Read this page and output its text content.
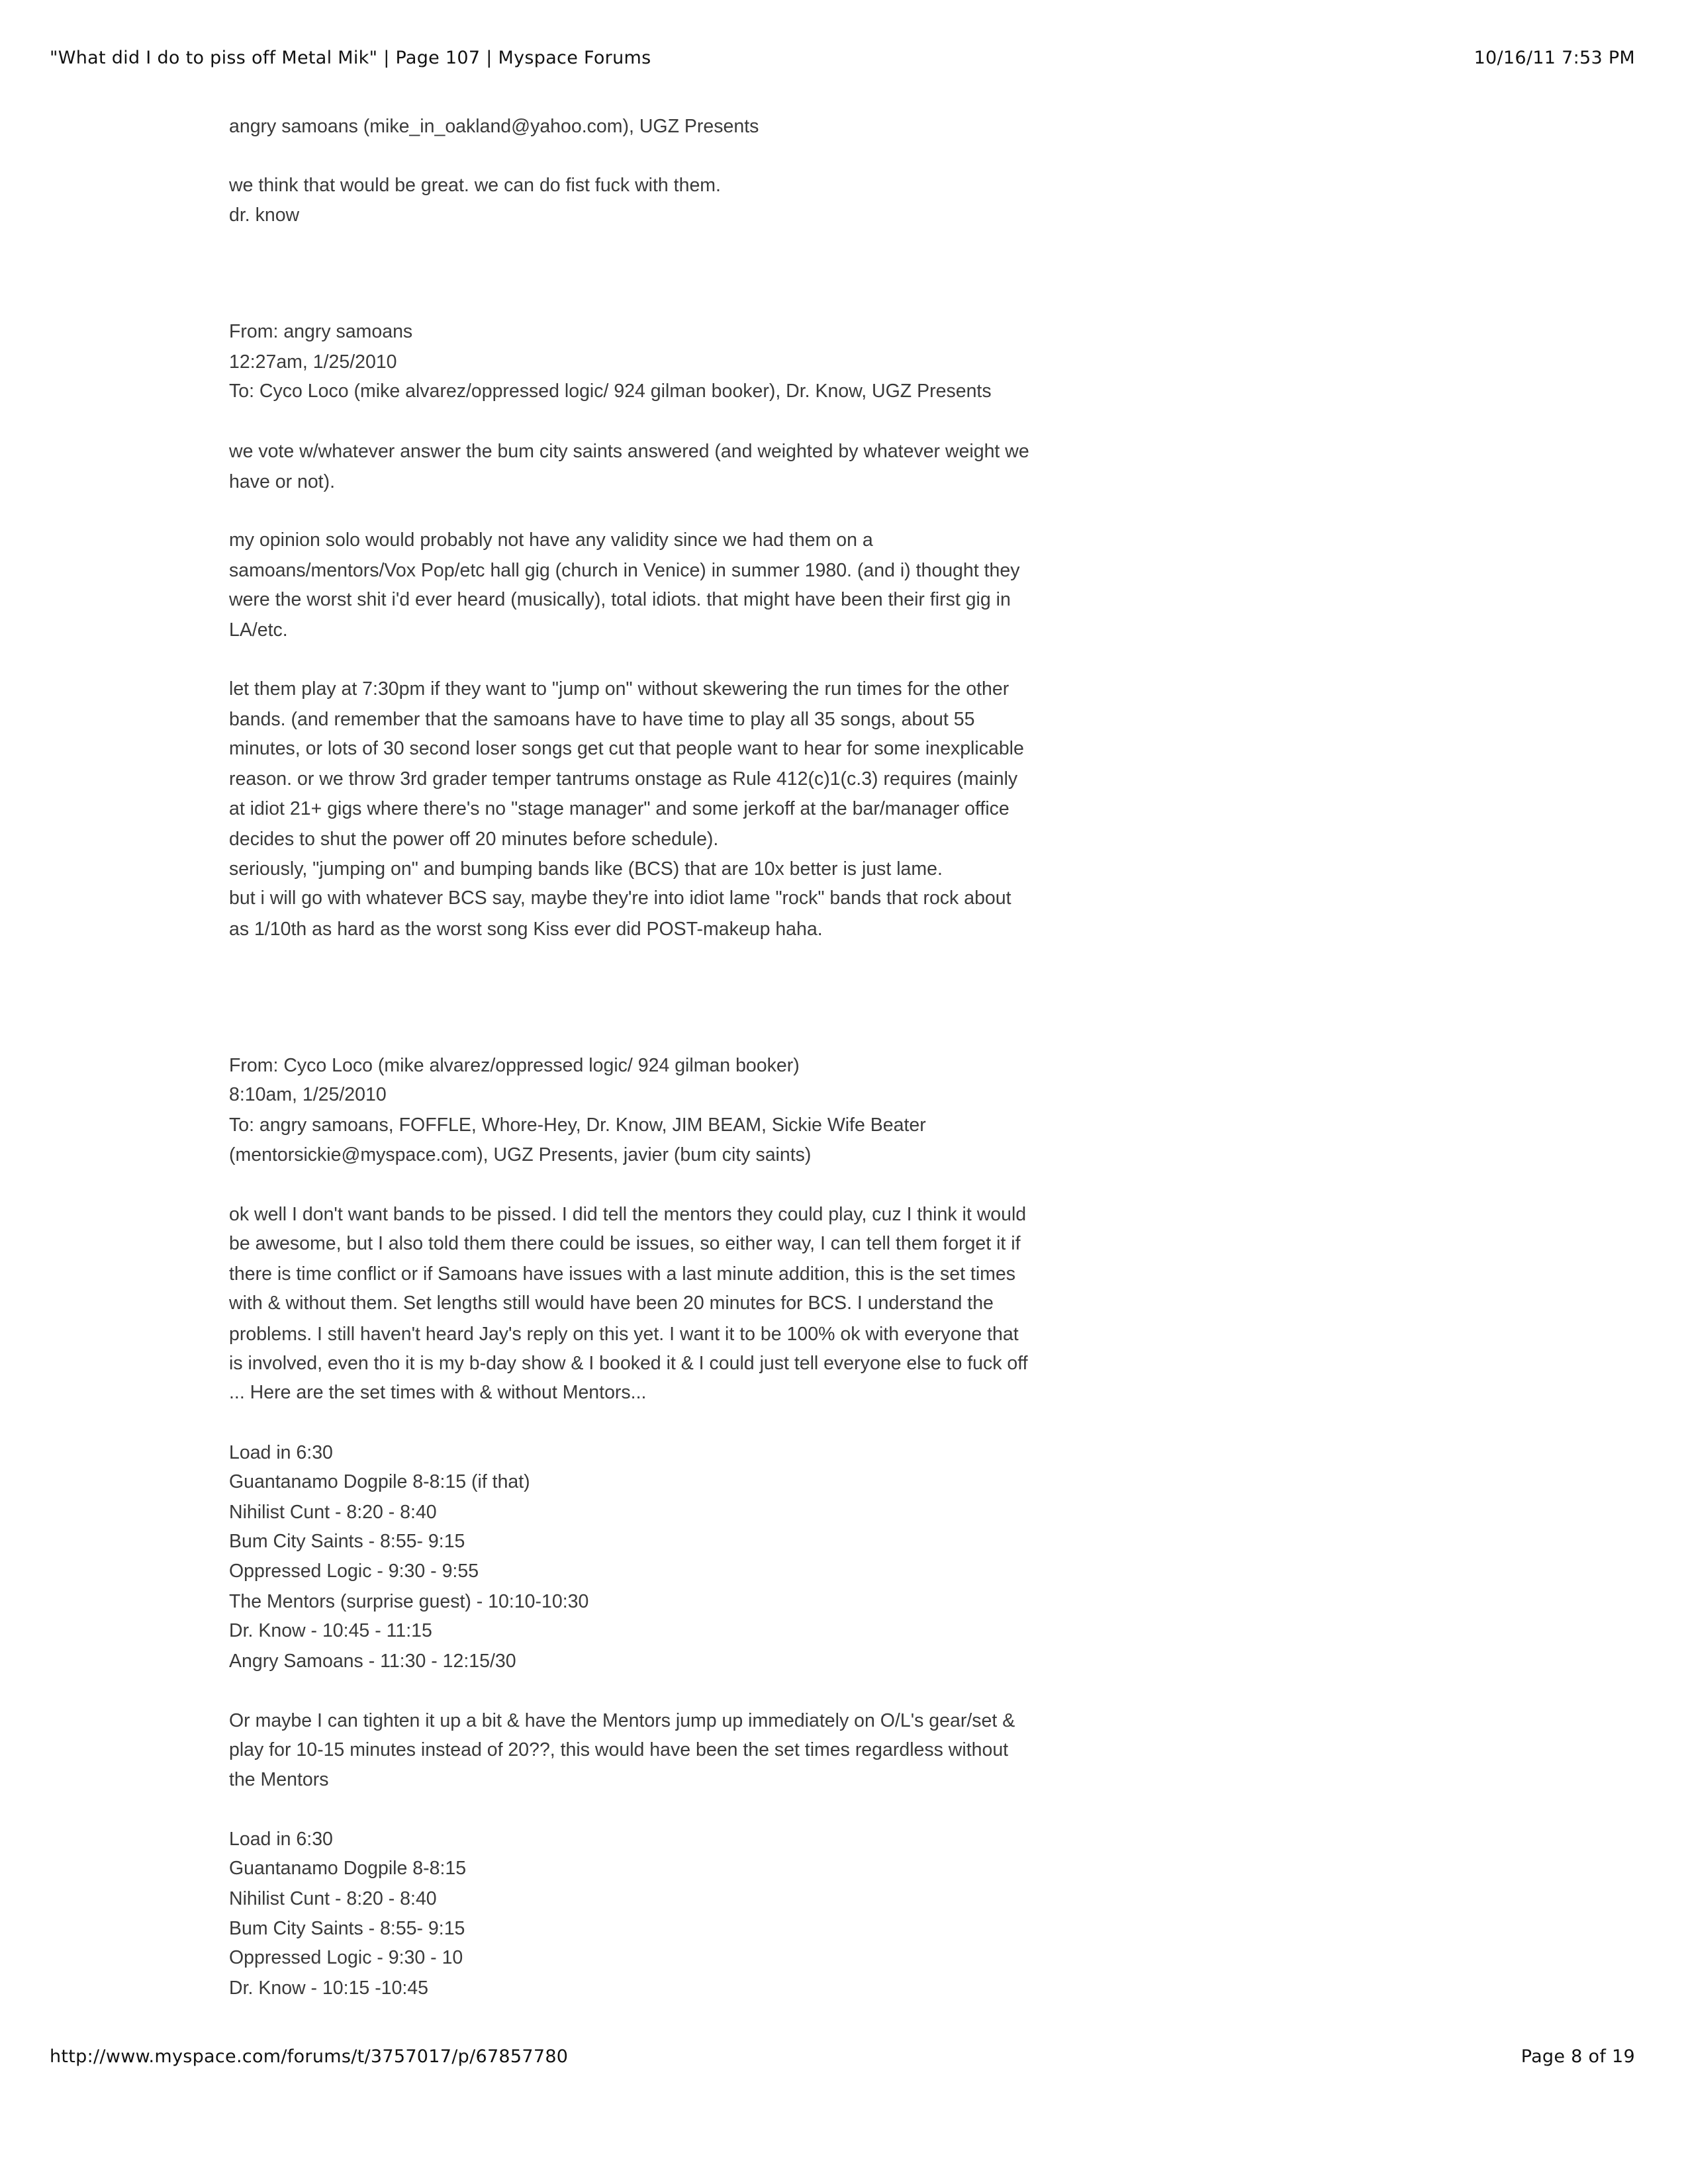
"What did I do to piss off Metal Mik" | Page 107 | Myspace Forums	10/16/11 7:53 PM
angry samoans (mike_in_oakland@yahoo.com), UGZ Presents
we think that would be great. we can do fist fuck with them.
dr. know
From: angry samoans
12:27am, 1/25/2010
To: Cyco Loco (mike alvarez/oppressed logic/ 924 gilman booker), Dr. Know, UGZ Presents
we vote w/whatever answer the bum city saints answered (and weighted by whatever weight we
have or not).
my opinion solo would probably not have any validity since we had them on a
samoans/mentors/Vox Pop/etc hall gig (church in Venice) in summer 1980. (and i) thought they
were the worst shit i'd ever heard (musically), total idiots. that might have been their first gig in
LA/etc.
let them play at 7:30pm if they want to "jump on" without skewering the run times for the other
bands. (and remember that the samoans have to have time to play all 35 songs, about 55
minutes, or lots of 30 second loser songs get cut that people want to hear for some inexplicable
reason. or we throw 3rd grader temper tantrums onstage as Rule 412(c)1(c.3) requires (mainly
at idiot 21+ gigs where there's no "stage manager" and some jerkoff at the bar/manager office
decides to shut the power off 20 minutes before schedule).
seriously, "jumping on" and bumping bands like (BCS) that are 10x better is just lame.
but i will go with whatever BCS say, maybe they're into idiot lame "rock" bands that rock about
as 1/10th as hard as the worst song Kiss ever did POST-makeup haha.
From: Cyco Loco (mike alvarez/oppressed logic/ 924 gilman booker)
8:10am, 1/25/2010
To: angry samoans, FOFFLE, Whore-Hey, Dr. Know, JIM BEAM, Sickie Wife Beater
(mentorsickie@myspace.com), UGZ Presents, javier (bum city saints)
ok well I don't want bands to be pissed. I did tell the mentors they could play, cuz I think it would
be awesome, but I also told them there could be issues, so either way, I can tell them forget it if
there is time conflict or if Samoans have issues with a last minute addition, this is the set times
with & without them. Set lengths still would have been 20 minutes for BCS. I understand the
problems. I still haven't heard Jay's reply on this yet. I want it to be 100% ok with everyone that
is involved, even tho it is my b-day show & I booked it & I could just tell everyone else to fuck off
... Here are the set times with & without Mentors...
Load in 6:30
Guantanamo Dogpile 8-8:15 (if that)
Nihilist Cunt - 8:20 - 8:40
Bum City Saints - 8:55- 9:15
Oppressed Logic - 9:30 - 9:55
The Mentors (surprise guest) - 10:10-10:30
Dr. Know - 10:45 - 11:15
Angry Samoans - 11:30 - 12:15/30
Or maybe I can tighten it up a bit & have the Mentors jump up immediately on O/L's gear/set &
play for 10-15 minutes instead of 20??, this would have been the set times regardless without
the Mentors
Load in 6:30
Guantanamo Dogpile 8-8:15
Nihilist Cunt - 8:20 - 8:40
Bum City Saints - 8:55- 9:15
Oppressed Logic - 9:30 - 10
Dr. Know - 10:15 -10:45
http://www.myspace.com/forums/t/3757017/p/67857780	Page 8 of 19
